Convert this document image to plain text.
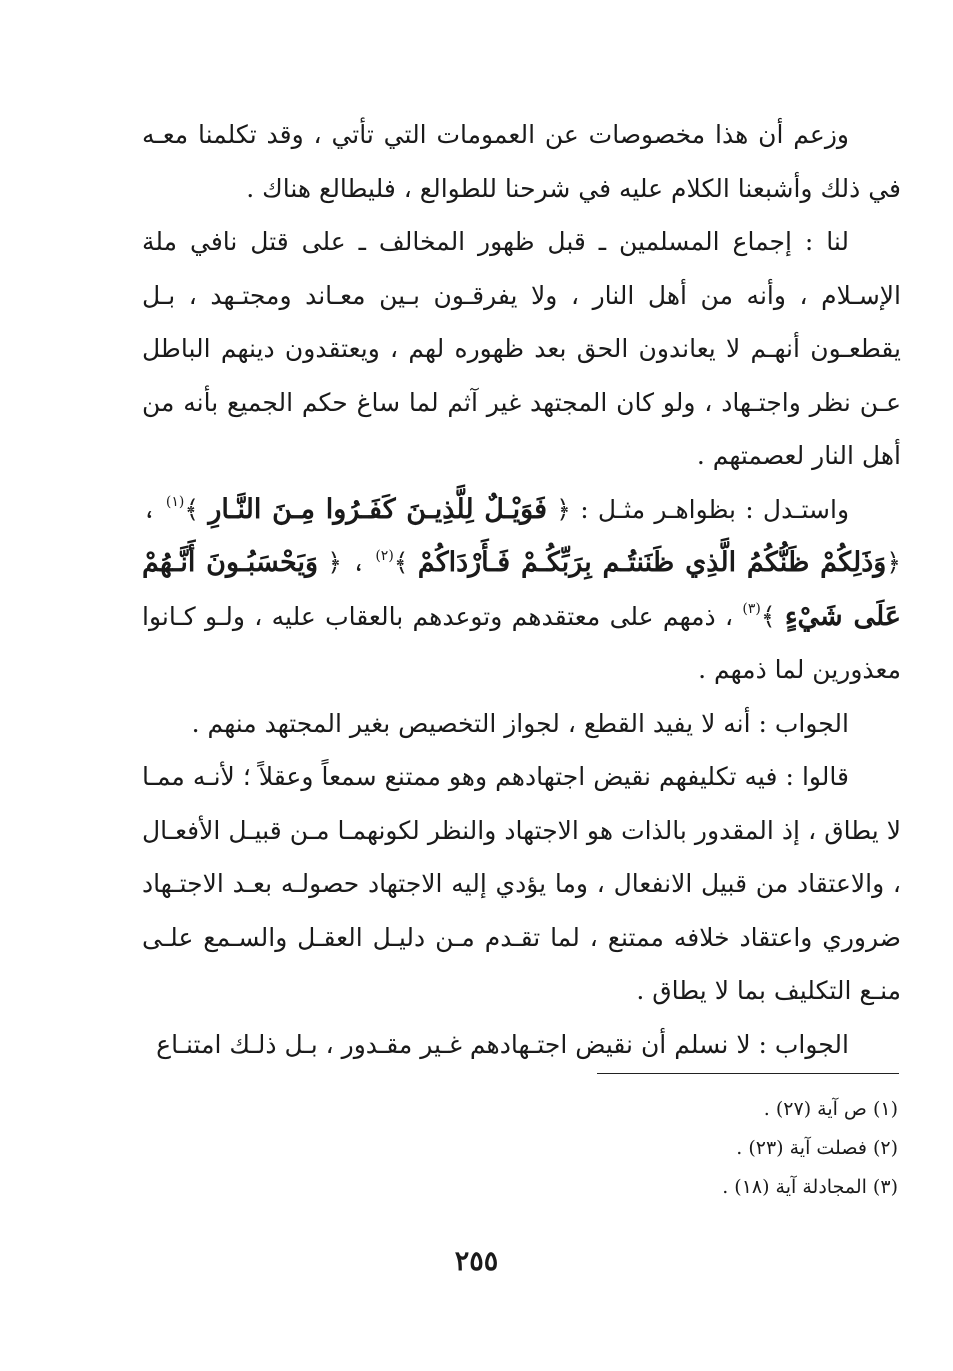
وزعم أن هذا مخصوصات عن العمومات التي تأتي ، وقد تكلمنا معـه في ذلك وأشبعنا الكلام عليه في شرحنا للطوالع ، فليطالع هناك .

لنا : إجماع المسلمين ـ قبل ظهور المخالف ـ على قتل نافي ملة الإسـلام ، وأنه من أهل النار ، ولا يفرقـون بـين معـاند ومجتـهد ، بـل يقطعـون أنهـم لا يعاندون الحق بعد ظهوره لهم ، ويعتقدون دينهم الباطل عـن نظر واجتـهاد ، ولو كان المجتهد غير آثم لما ساغ حكم الجميع بأنه من أهل النار لعصمتهم .

واستـدل : بظواهـر مثـل : ﴿ فَوَيْـلٌ لِلَّذِيـنَ كَفَـرُوا مِـنَ النَّـارِ ﴾$^{(١)}$ ، ﴿وَذَلِكُمْ ظَنُّكُمُ الَّذِي ظَنَنتُـم بِرَبِّكُـمْ فَـأَرْدَاكُمْ ﴾$^{(٢)}$ ، ﴿ وَيَحْسَبُـونَ أَنَّـهُمْ عَلَى شَيْءٍ ﴾$^{(٣)}$ ، ذمهم على معتقدهم وتوعدهم بالعقاب عليه ، ولـو كـانوا معذورين لما ذمهم .

الجواب : أنه لا يفيد القطع ، لجواز التخصيص بغير المجتهد منهم .

قالوا : فيه تكليفهم نقيض اجتهادهم وهو ممتنع سمعاً وعقلاً ؛ لأنـه ممـا لا يطاق ، إذ المقدور بالذات هو الاجتهاد والنظر لكونهمـا مـن قبيـل الأفعـال ، والاعتقاد من قبيل الانفعال ، وما يؤدي إليه الاجتهاد حصولـه بعـد الاجتـهاد ضروري واعتقاد خلافه ممتنع ، لما تقـدم مـن دليـل العقـل والسـمع علـى منـع التكليف بما لا يطاق .

الجواب : لا نسلم أن نقيض اجتـهادهم غـير مقـدور ، بـل ذلـك امتنـاع

(١) ص آية (٢٧) .

(٢) فصلت آية (٢٣) .

(٣) المجادلة آية (١٨) .

٢٥٥
